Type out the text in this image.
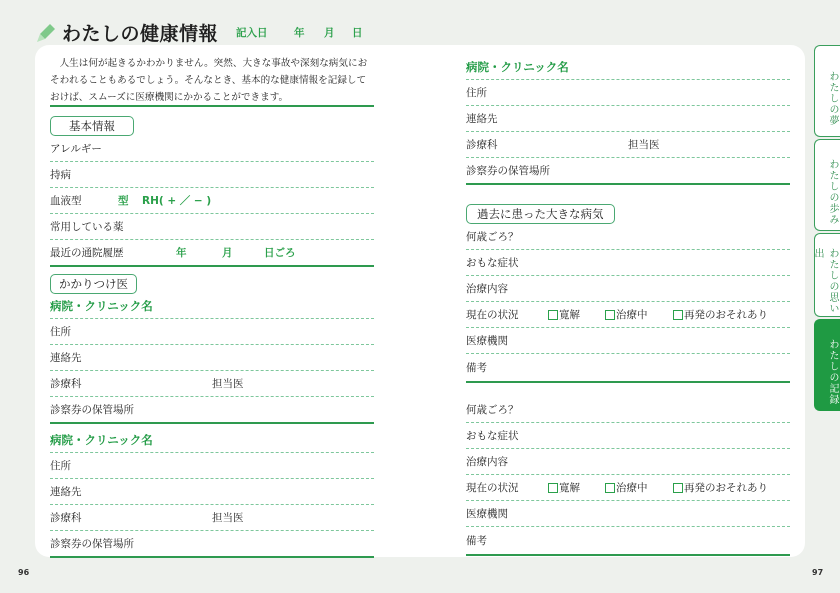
わたしの健康情報 記入日	年	月	日

人生は何が起きるかわかりません。突然、大きな事故や深刻な病気におそわれることもあるでしょう。そんなとき、基本的な健康情報を記録しておけば、スムーズに医療機関にかかることができます。

基本情報
アレルギー
持病
血液型	型	RH( + ／ − )
常用している薬
最近の通院履歴	年	月	日ごろ
かかりつけ医
病院・クリニック名
住所
連絡先
診療科	担当医
診察券の保管場所
病院・クリニック名
住所
連絡先
診療科	担当医
診察券の保管場所
病院・クリニック名
住所
連絡先
診療科	担当医
診察券の保管場所
過去に患った大きな病気
何歳ごろ？
おもな症状
治療内容
現在の状況	寛解	治療中	再発のおそれあり
医療機関
備考
何歳ごろ？
おもな症状
治療内容
現在の状況	寛解	治療中	再発のおそれあり
医療機関
備考
わたしの夢
わたしの歩み
わたしの思い出
わたしの記録
96	97
